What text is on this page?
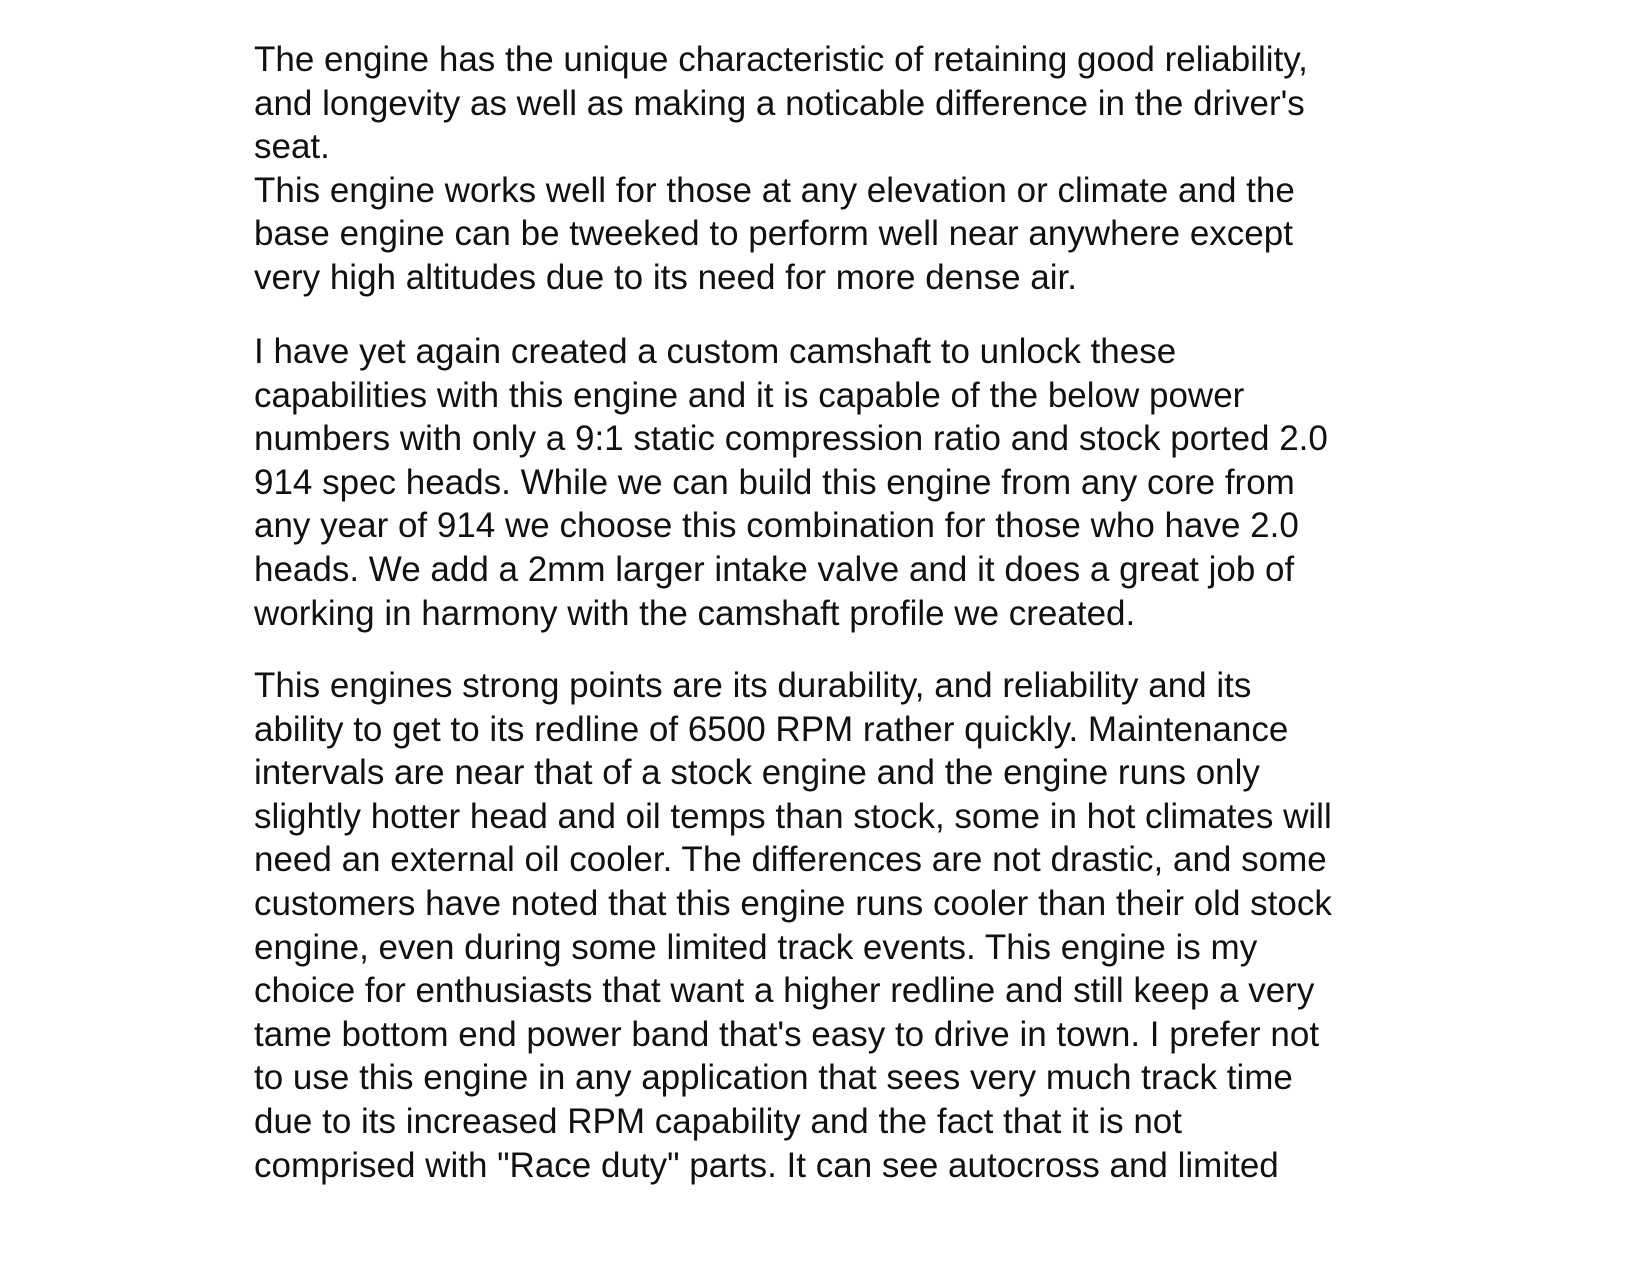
The engine has the unique characteristic of retaining good reliability,
and longevity as well as making a noticable difference in the driver's
seat.
This engine works well for those at any elevation or climate and the
base engine can be tweeked to perform well near anywhere except
very high altitudes due to its need for more dense air.

I have yet again created a custom camshaft to unlock these
capabilities with this engine and it is capable of the below power
numbers with only a 9:1 static compression ratio and stock ported 2.0
914 spec heads. While we can build this engine from any core from
any year of 914 we choose this combination for those who have 2.0
heads. We add a 2mm larger intake valve and it does a great job of
working in harmony with the camshaft profile we created.

This engines strong points are its durability, and reliability and its
ability to get to its redline of 6500 RPM rather quickly. Maintenance
intervals are near that of a stock engine and the engine runs only
slightly hotter head and oil temps than stock, some in hot climates will
need an external oil cooler. The differences are not drastic, and some
customers have noted that this engine runs cooler than their old stock
engine, even during some limited track events. This engine is my
choice for enthusiasts that want a higher redline and still keep a very
tame bottom end power band that's easy to drive in town. I prefer not
to use this engine in any application that sees very much track time
due to its increased RPM capability and the fact that it is not
comprised with "Race duty" parts. It can see autocross and limited
